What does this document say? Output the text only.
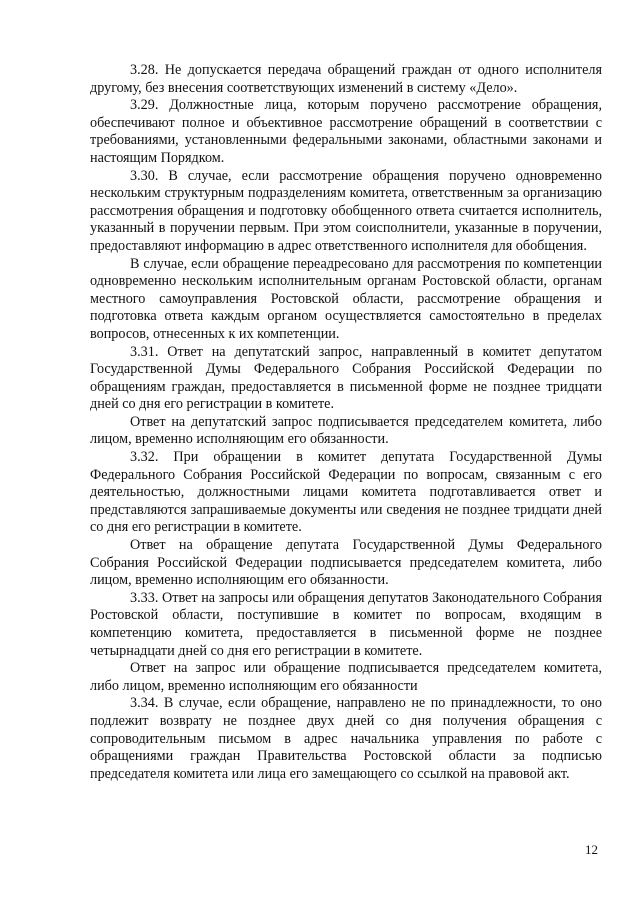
3.28. Не допускается передача обращений граждан от одного исполнителя другому, без внесения соответствующих изменений в систему «Дело».

3.29. Должностные лица, которым поручено рассмотрение обращения, обеспечивают полное и объективное рассмотрение обращений в соответствии с требованиями, установленными федеральными законами, областными законами и настоящим Порядком.

3.30. В случае, если рассмотрение обращения поручено одновременно нескольким структурным подразделениям комитета, ответственным за организацию рассмотрения обращения и подготовку обобщенного ответа считается исполнитель, указанный в поручении первым. При этом соисполнители, указанные в поручении, предоставляют информацию в адрес ответственного исполнителя для обобщения.

В случае, если обращение переадресовано для рассмотрения по компетенции одновременно нескольким исполнительным органам Ростовской области, органам местного самоуправления Ростовской области, рассмотрение обращения и подготовка ответа каждым органом осуществляется самостоятельно в пределах вопросов, отнесенных к их компетенции.

3.31. Ответ на депутатский запрос, направленный в комитет депутатом Государственной Думы Федерального Собрания Российской Федерации по обращениям граждан, предоставляется в письменной форме не позднее тридцати дней со дня его регистрации в комитете.

Ответ на депутатский запрос подписывается председателем комитета, либо лицом, временно исполняющим его обязанности.

3.32. При обращении в комитет депутата Государственной Думы Федерального Собрания Российской Федерации по вопросам, связанным с его деятельностью, должностными лицами комитета подготавливается ответ и представляются запрашиваемые документы или сведения не позднее тридцати дней со дня его регистрации в комитете.

Ответ на обращение депутата Государственной Думы Федерального Собрания Российской Федерации подписывается председателем комитета, либо лицом, временно исполняющим его обязанности.

3.33. Ответ на запросы или обращения депутатов Законодательного Собрания Ростовской области, поступившие в комитет по вопросам, входящим в компетенцию комитета, предоставляется в письменной форме не позднее четырнадцати дней со дня его регистрации в комитете.

Ответ на запрос или обращение подписывается председателем комитета, либо лицом, временно исполняющим его обязанности

3.34. В случае, если обращение, направлено не по принадлежности, то оно подлежит возврату не позднее двух дней со дня получения обращения с сопроводительным письмом в адрес начальника управления по работе с обращениями граждан Правительства Ростовской области за подписью председателя комитета или лица его замещающего со ссылкой на правовой акт.

12
